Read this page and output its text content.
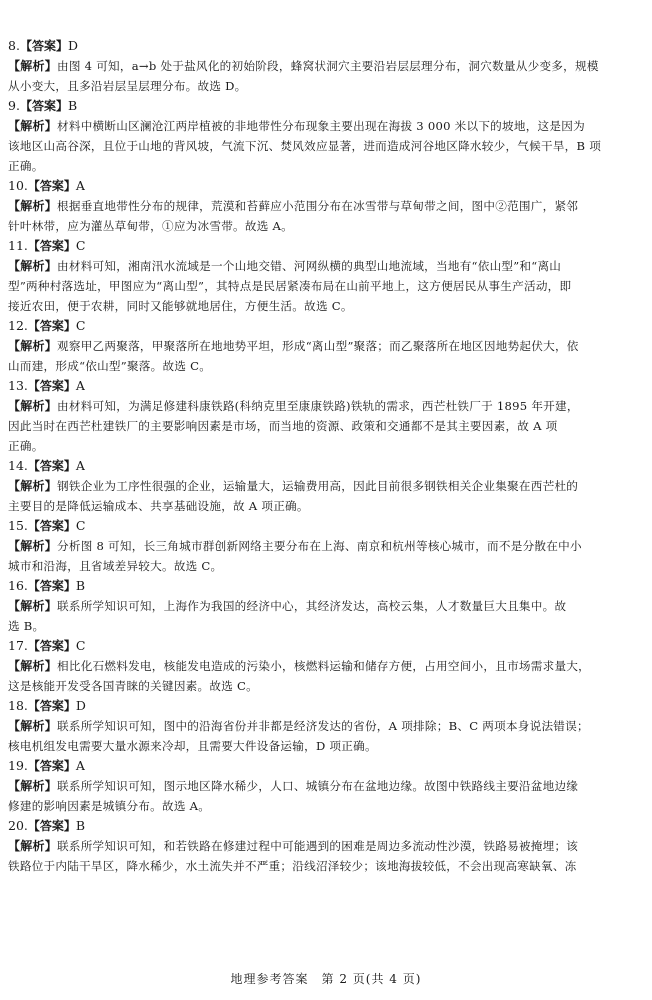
8.【答案】D
【解析】由图 4 可知，a→b 处于盐风化的初始阶段，蜂窝状洞穴主要沿岩层层理分布，洞穴数量从少变多，规模
从小变大，且多沿岩层呈层理分布。故选 D。
9.【答案】B
【解析】材料中横断山区澜沧江两岸植被的非地带性分布现象主要出现在海拔 3 000 米以下的坡地，这是因为
该地区山高谷深，且位于山地的背风坡，气流下沉、焚风效应显著，进而造成河谷地区降水较少，气候干旱，B 项
正确。
10.【答案】A
【解析】根据垂直地带性分布的规律，荒漠和苔藓应小范围分布在冰雪带与草甸带之间，图中②范围广，紧邻
针叶林带，应为灌丛草甸带，①应为冰雪带。故选 A。
11.【答案】C
【解析】由材料可知，湘南汛水流域是一个山地交错、河网纵横的典型山地流域，当地有“依山型”和“离山
型”两种村落选址，甲图应为“离山型”，其特点是民居紧凑布局在山前平地上，这方便居民从事生产活动，即
接近农田，便于农耕，同时又能够就地居住，方便生活。故选 C。
12.【答案】C
【解析】观察甲乙两聚落，甲聚落所在地地势平坦，形成“离山型”聚落；而乙聚落所在地区因地势起伏大，依
山而建，形成“依山型”聚落。故选 C。
13.【答案】A
【解析】由材料可知，为满足修建科康铁路(科纳克里至康康铁路)铁轨的需求，西芒杜铁厂于 1895 年开建，
因此当时在西芒杜建铁厂的主要影响因素是市场，而当地的资源、政策和交通都不是其主要因素，故 A 项
正确。
14.【答案】A
【解析】钢铁企业为工序性很强的企业，运输量大，运输费用高，因此目前很多钢铁相关企业集聚在西芒杜的
主要目的是降低运输成本、共享基础设施，故 A 项正确。
15.【答案】C
【解析】分析图 8 可知，长三角城市群创新网络主要分布在上海、南京和杭州等核心城市，而不是分散在中小
城市和沿海，且省域差异较大。故选 C。
16.【答案】B
【解析】联系所学知识可知，上海作为我国的经济中心，其经济发达，高校云集，人才数量巨大且集中。故
选 B。
17.【答案】C
【解析】相比化石燃料发电，核能发电造成的污染小，核燃料运输和储存方便，占用空间小，且市场需求量大，
这是核能开发受各国青睐的关键因素。故选 C。
18.【答案】D
【解析】联系所学知识可知，图中的沿海省份并非都是经济发达的省份，A 项排除；B、C 两项本身说法错误；
核电机组发电需要大量水源来冷却，且需要大件设备运输，D 项正确。
19.【答案】A
【解析】联系所学知识可知，图示地区降水稀少，人口、城镇分布在盆地边缘。故图中铁路线主要沿盆地边缘
修建的影响因素是城镇分布。故选 A。
20.【答案】B
【解析】联系所学知识可知，和若铁路在修建过程中可能遇到的困难是周边多流动性沙漠，铁路易被掩埋；该
铁路位于内陆干旱区，降水稀少，水土流失并不严重；沿线沼泽较少；该地海拔较低，不会出现高寒缺氧、冻
地理参考答案　第 2 页(共 4 页)
